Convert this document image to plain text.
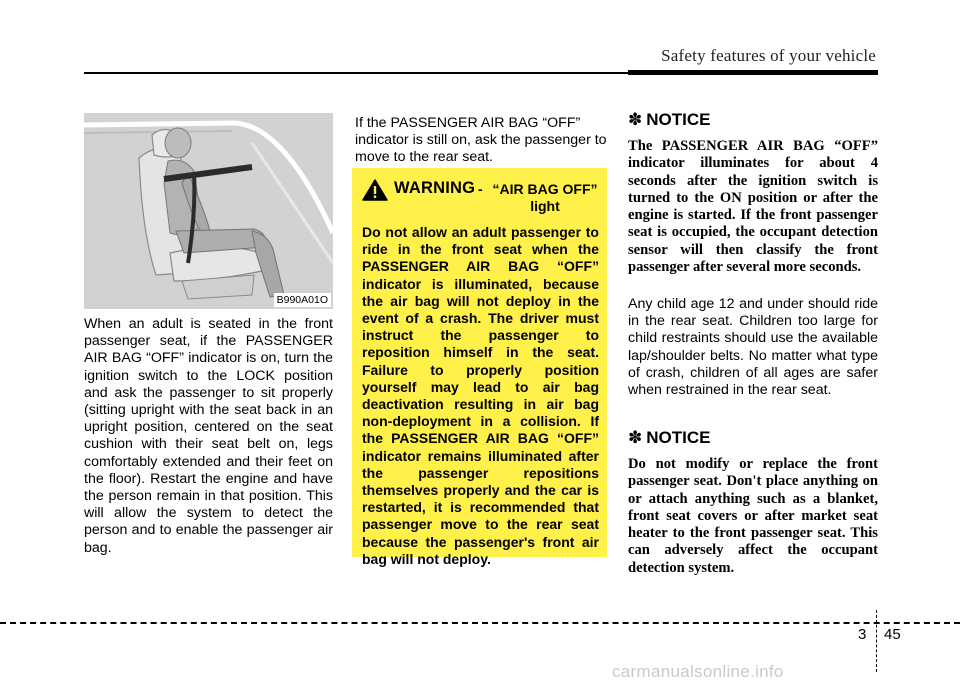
Safety features of your vehicle
B990A01O
When an adult is seated in the front passenger seat, if the PASSENGER AIR BAG “OFF” indicator is on, turn the ignition switch to the LOCK position and ask the passenger to sit properly (sitting upright with the seat back in an upright position, centered on the seat cushion with their seat belt on, legs comfortably extended and their feet on the floor). Restart the engine and have the person remain in that position. This will allow the system to detect the person and to enable the passenger air bag.
If the PASSENGER AIR BAG “OFF” indicator is still on, ask the passenger to move to the rear seat.
WARNING - “AIR BAG OFF” light
Do not allow an adult passenger to ride in the front seat when the PASSENGER AIR BAG “OFF” indicator is illuminated, because the air bag will not deploy in the event of a crash. The driver must instruct the passenger to reposition himself in the seat. Failure to properly position yourself may lead to air bag deactivation resulting in air bag non-deployment in a collision. If the PASSENGER AIR BAG “OFF” indicator remains illuminated after the passenger repositions themselves properly and the car is restarted, it is recommended that passenger move to the rear seat because the passenger's front air bag will not deploy.
✽ NOTICE
The PASSENGER AIR BAG “OFF” indicator illuminates for about 4 seconds after the ignition switch is turned to the ON position or after the engine is started. If the front passenger seat is occupied, the occupant detection sensor will then classify the front passenger after several more seconds.
Any child age 12 and under should ride in the rear seat. Children too large for child restraints should use the available lap/shoulder belts. No matter what type of crash, children of all ages are safer when restrained in the rear seat.
✽ NOTICE
Do not modify or replace the front passenger seat. Don't place anything on or attach anything such as a blanket, front seat covers or after market seat heater to the front passenger seat. This can adversely affect the occupant detection system.
3 45
carmanualsonline.info
